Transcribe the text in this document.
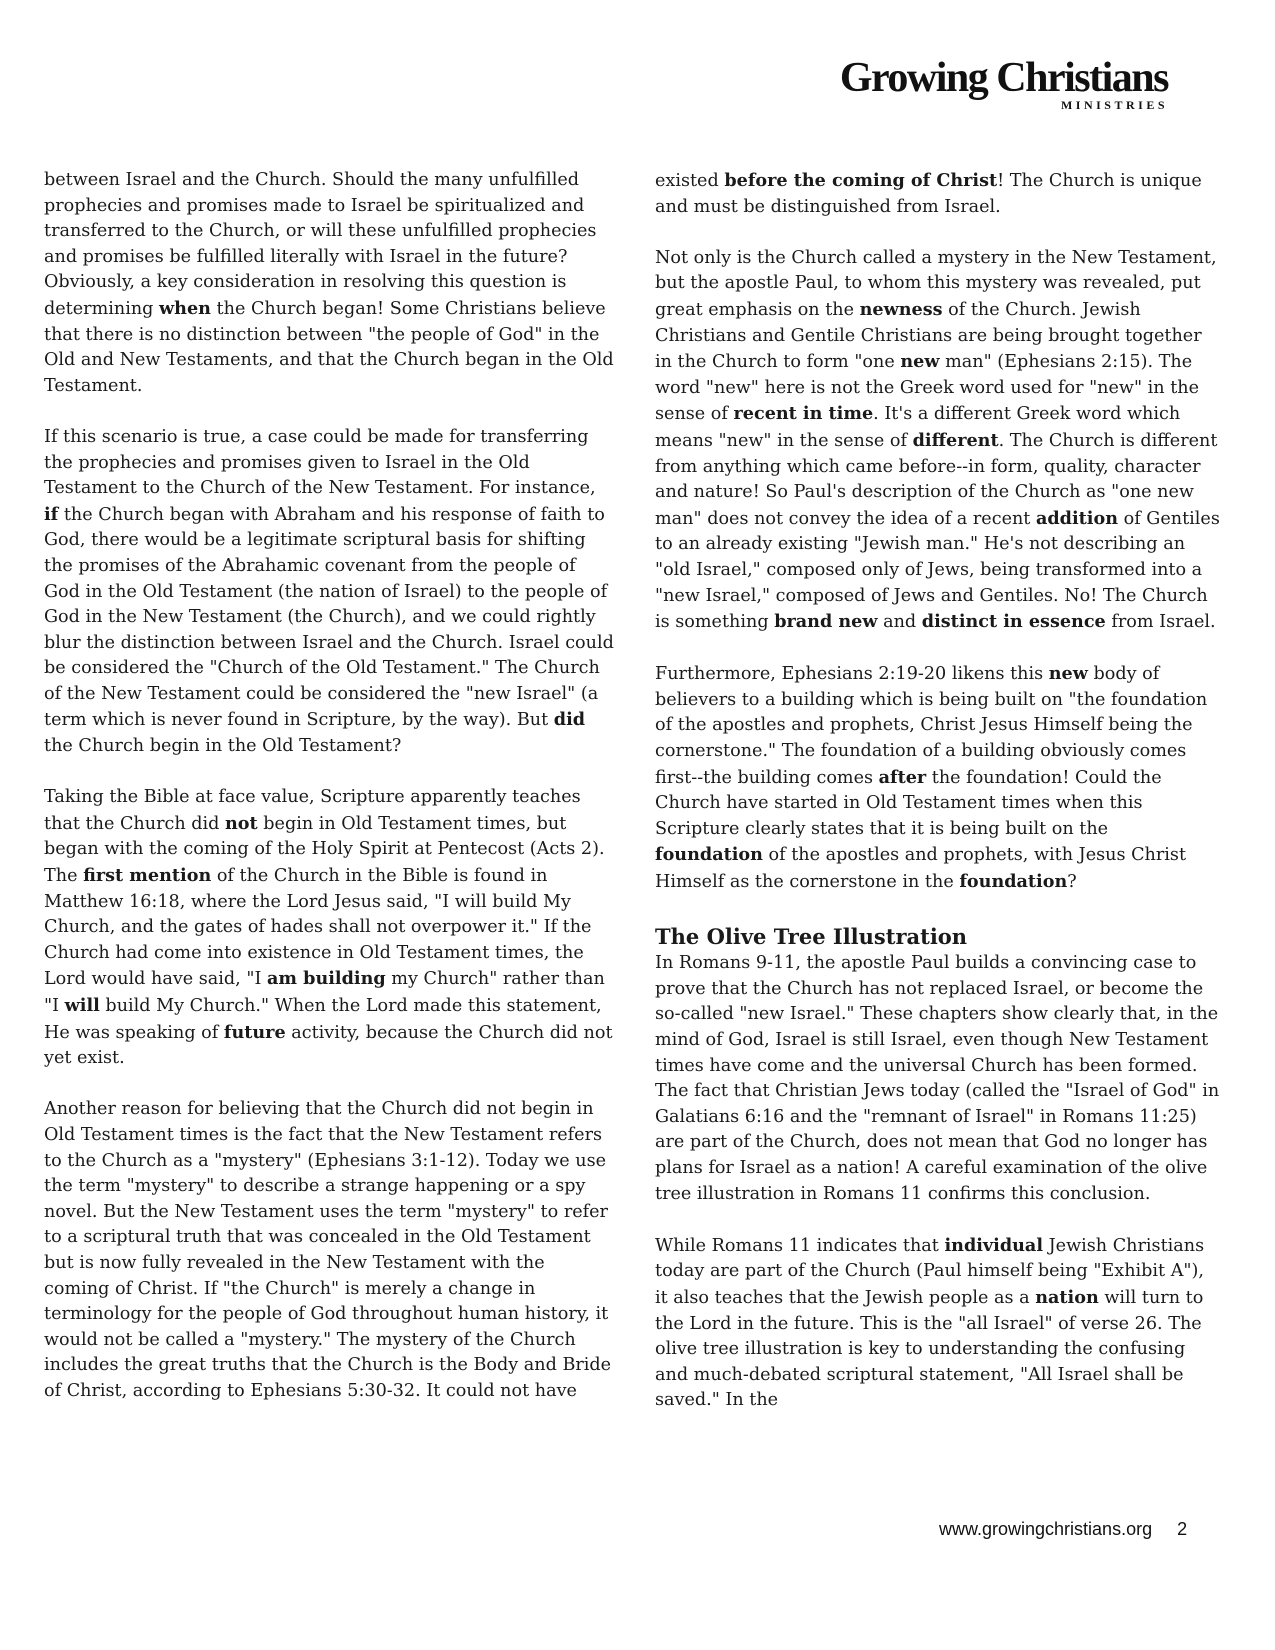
Growing Christians
MINISTRIES

between Israel and the Church. Should the many unfulfilled prophecies and promises made to Israel be spiritualized and transferred to the Church, or will these unfulfilled prophecies and promises be fulfilled literally with Israel in the future? Obviously, a key consideration in resolving this question is determining when the Church began! Some Christians believe that there is no distinction between "the people of God" in the Old and New Testaments, and that the Church began in the Old Testament.

If this scenario is true, a case could be made for transferring the prophecies and promises given to Israel in the Old Testament to the Church of the New Testament. For instance, if the Church began with Abraham and his response of faith to God, there would be a legitimate scriptural basis for shifting the promises of the Abrahamic covenant from the people of God in the Old Testament (the nation of Israel) to the people of God in the New Testament (the Church), and we could rightly blur the distinction between Israel and the Church. Israel could be considered the "Church of the Old Testament." The Church of the New Testament could be considered the "new Israel" (a term which is never found in Scripture, by the way). But did the Church begin in the Old Testament?

Taking the Bible at face value, Scripture apparently teaches that the Church did not begin in Old Testament times, but began with the coming of the Holy Spirit at Pentecost (Acts 2). The first mention of the Church in the Bible is found in Matthew 16:18, where the Lord Jesus said, "I will build My Church, and the gates of hades shall not overpower it." If the Church had come into existence in Old Testament times, the Lord would have said, "I am building my Church" rather than "I will build My Church." When the Lord made this statement, He was speaking of future activity, because the Church did not yet exist.

Another reason for believing that the Church did not begin in Old Testament times is the fact that the New Testament refers to the Church as a "mystery" (Ephesians 3:1-12). Today we use the term "mystery" to describe a strange happening or a spy novel. But the New Testament uses the term "mystery" to refer to a scriptural truth that was concealed in the Old Testament but is now fully revealed in the New Testament with the coming of Christ. If "the Church" is merely a change in terminology for the people of God throughout human history, it would not be called a "mystery." The mystery of the Church includes the great truths that the Church is the Body and Bride of Christ, according to Ephesians 5:30-32. It could not have

existed before the coming of Christ! The Church is unique and must be distinguished from Israel.

Not only is the Church called a mystery in the New Testament, but the apostle Paul, to whom this mystery was revealed, put great emphasis on the newness of the Church. Jewish Christians and Gentile Christians are being brought together in the Church to form "one new man" (Ephesians 2:15). The word "new" here is not the Greek word used for "new" in the sense of recent in time. It's a different Greek word which means "new" in the sense of different. The Church is different from anything which came before--in form, quality, character and nature! So Paul's description of the Church as "one new man" does not convey the idea of a recent addition of Gentiles to an already existing "Jewish man." He's not describing an "old Israel," composed only of Jews, being transformed into a "new Israel," composed of Jews and Gentiles. No! The Church is something brand new and distinct in essence from Israel.

Furthermore, Ephesians 2:19-20 likens this new body of believers to a building which is being built on "the foundation of the apostles and prophets, Christ Jesus Himself being the cornerstone." The foundation of a building obviously comes first--the building comes after the foundation! Could the Church have started in Old Testament times when this Scripture clearly states that it is being built on the foundation of the apostles and prophets, with Jesus Christ Himself as the cornerstone in the foundation?

The Olive Tree Illustration

In Romans 9-11, the apostle Paul builds a convincing case to prove that the Church has not replaced Israel, or become the so-called "new Israel." These chapters show clearly that, in the mind of God, Israel is still Israel, even though New Testament times have come and the universal Church has been formed. The fact that Christian Jews today (called the "Israel of God" in Galatians 6:16 and the "remnant of Israel" in Romans 11:25) are part of the Church, does not mean that God no longer has plans for Israel as a nation! A careful examination of the olive tree illustration in Romans 11 confirms this conclusion.

While Romans 11 indicates that individual Jewish Christians today are part of the Church (Paul himself being "Exhibit A"), it also teaches that the Jewish people as a nation will turn to the Lord in the future. This is the "all Israel" of verse 26. The olive tree illustration is key to understanding the confusing and much-debated scriptural statement, "All Israel shall be saved." In the

www.growingchristians.org 2
